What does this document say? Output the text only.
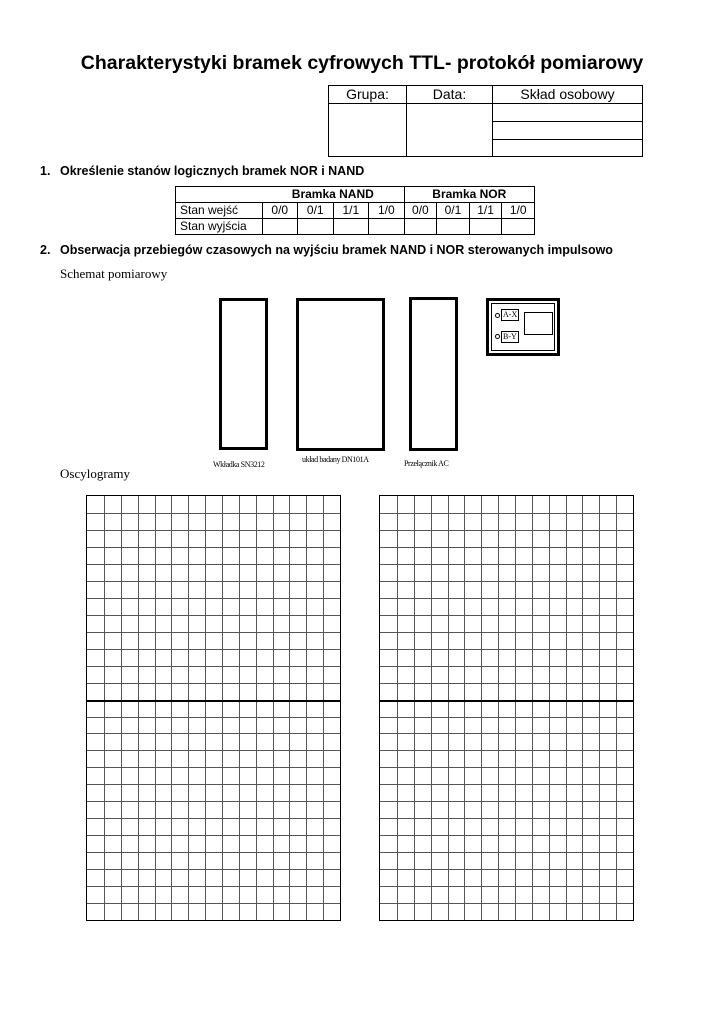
Charakterystyki bramek cyfrowych TTL- protokół pomiarowy
Grupa:	Data:	Skład osobowy

1. Określenie stanów logicznych bramek NOR i NAND
	Bramka NAND				Bramka NOR			
Stan wejść	0/0	0/1	1/1	1/0	0/0	0/1	1/1	1/0
Stan wyjścia								
2. Obserwacja przebiegów czasowych na wyjściu bramek NAND i NOR sterowanych impulsowo
Schemat pomiarowy
Wkładka SN3212
układ badany DN101A	Przełącznik AC
A-X
B-Y
Oscylogramy
